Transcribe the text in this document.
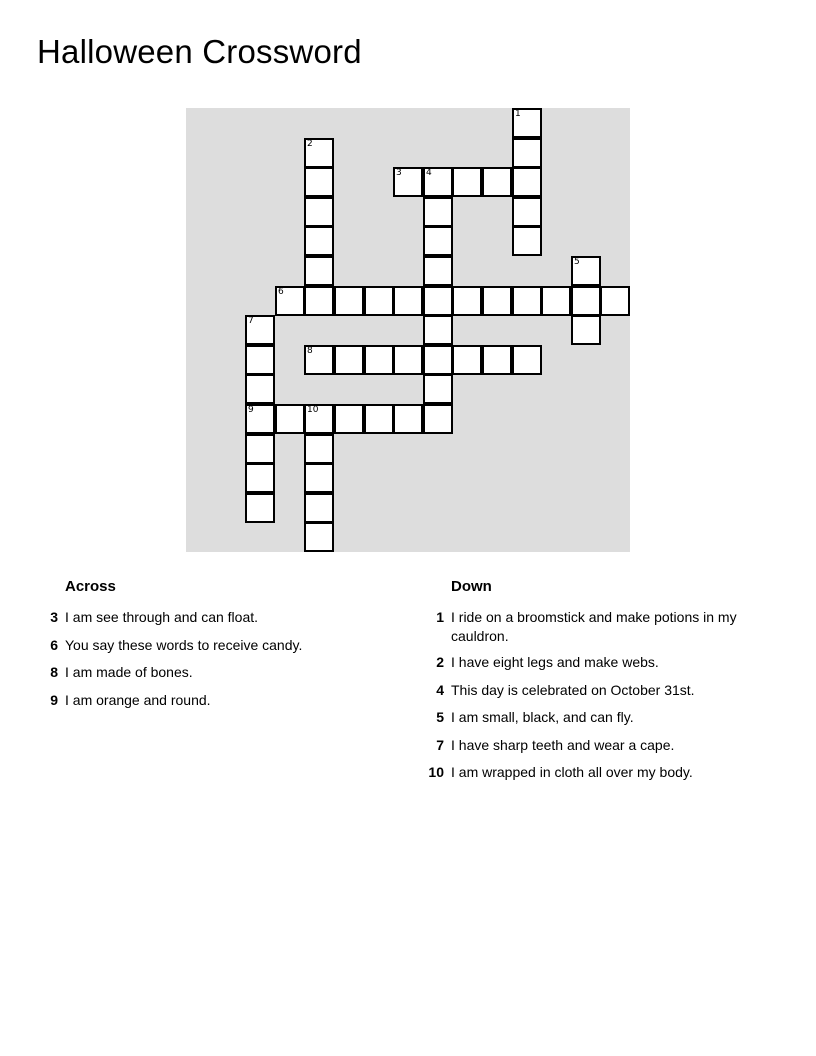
Halloween Crossword
Across
3 I am see through and can float.
6 You say these words to receive candy.
8 I am made of bones.
9 I am orange and round.
Down
1 I ride on a broomstick and make potions in my
cauldron.
2 I have eight legs and make webs.
4 This day is celebrated on October 31st.
5 I am small, black, and can fly.
7 I have sharp teeth and wear a cape.
10 I am wrapped in cloth all over my body.
1
2
3	4
5
6
7
9
8
10
